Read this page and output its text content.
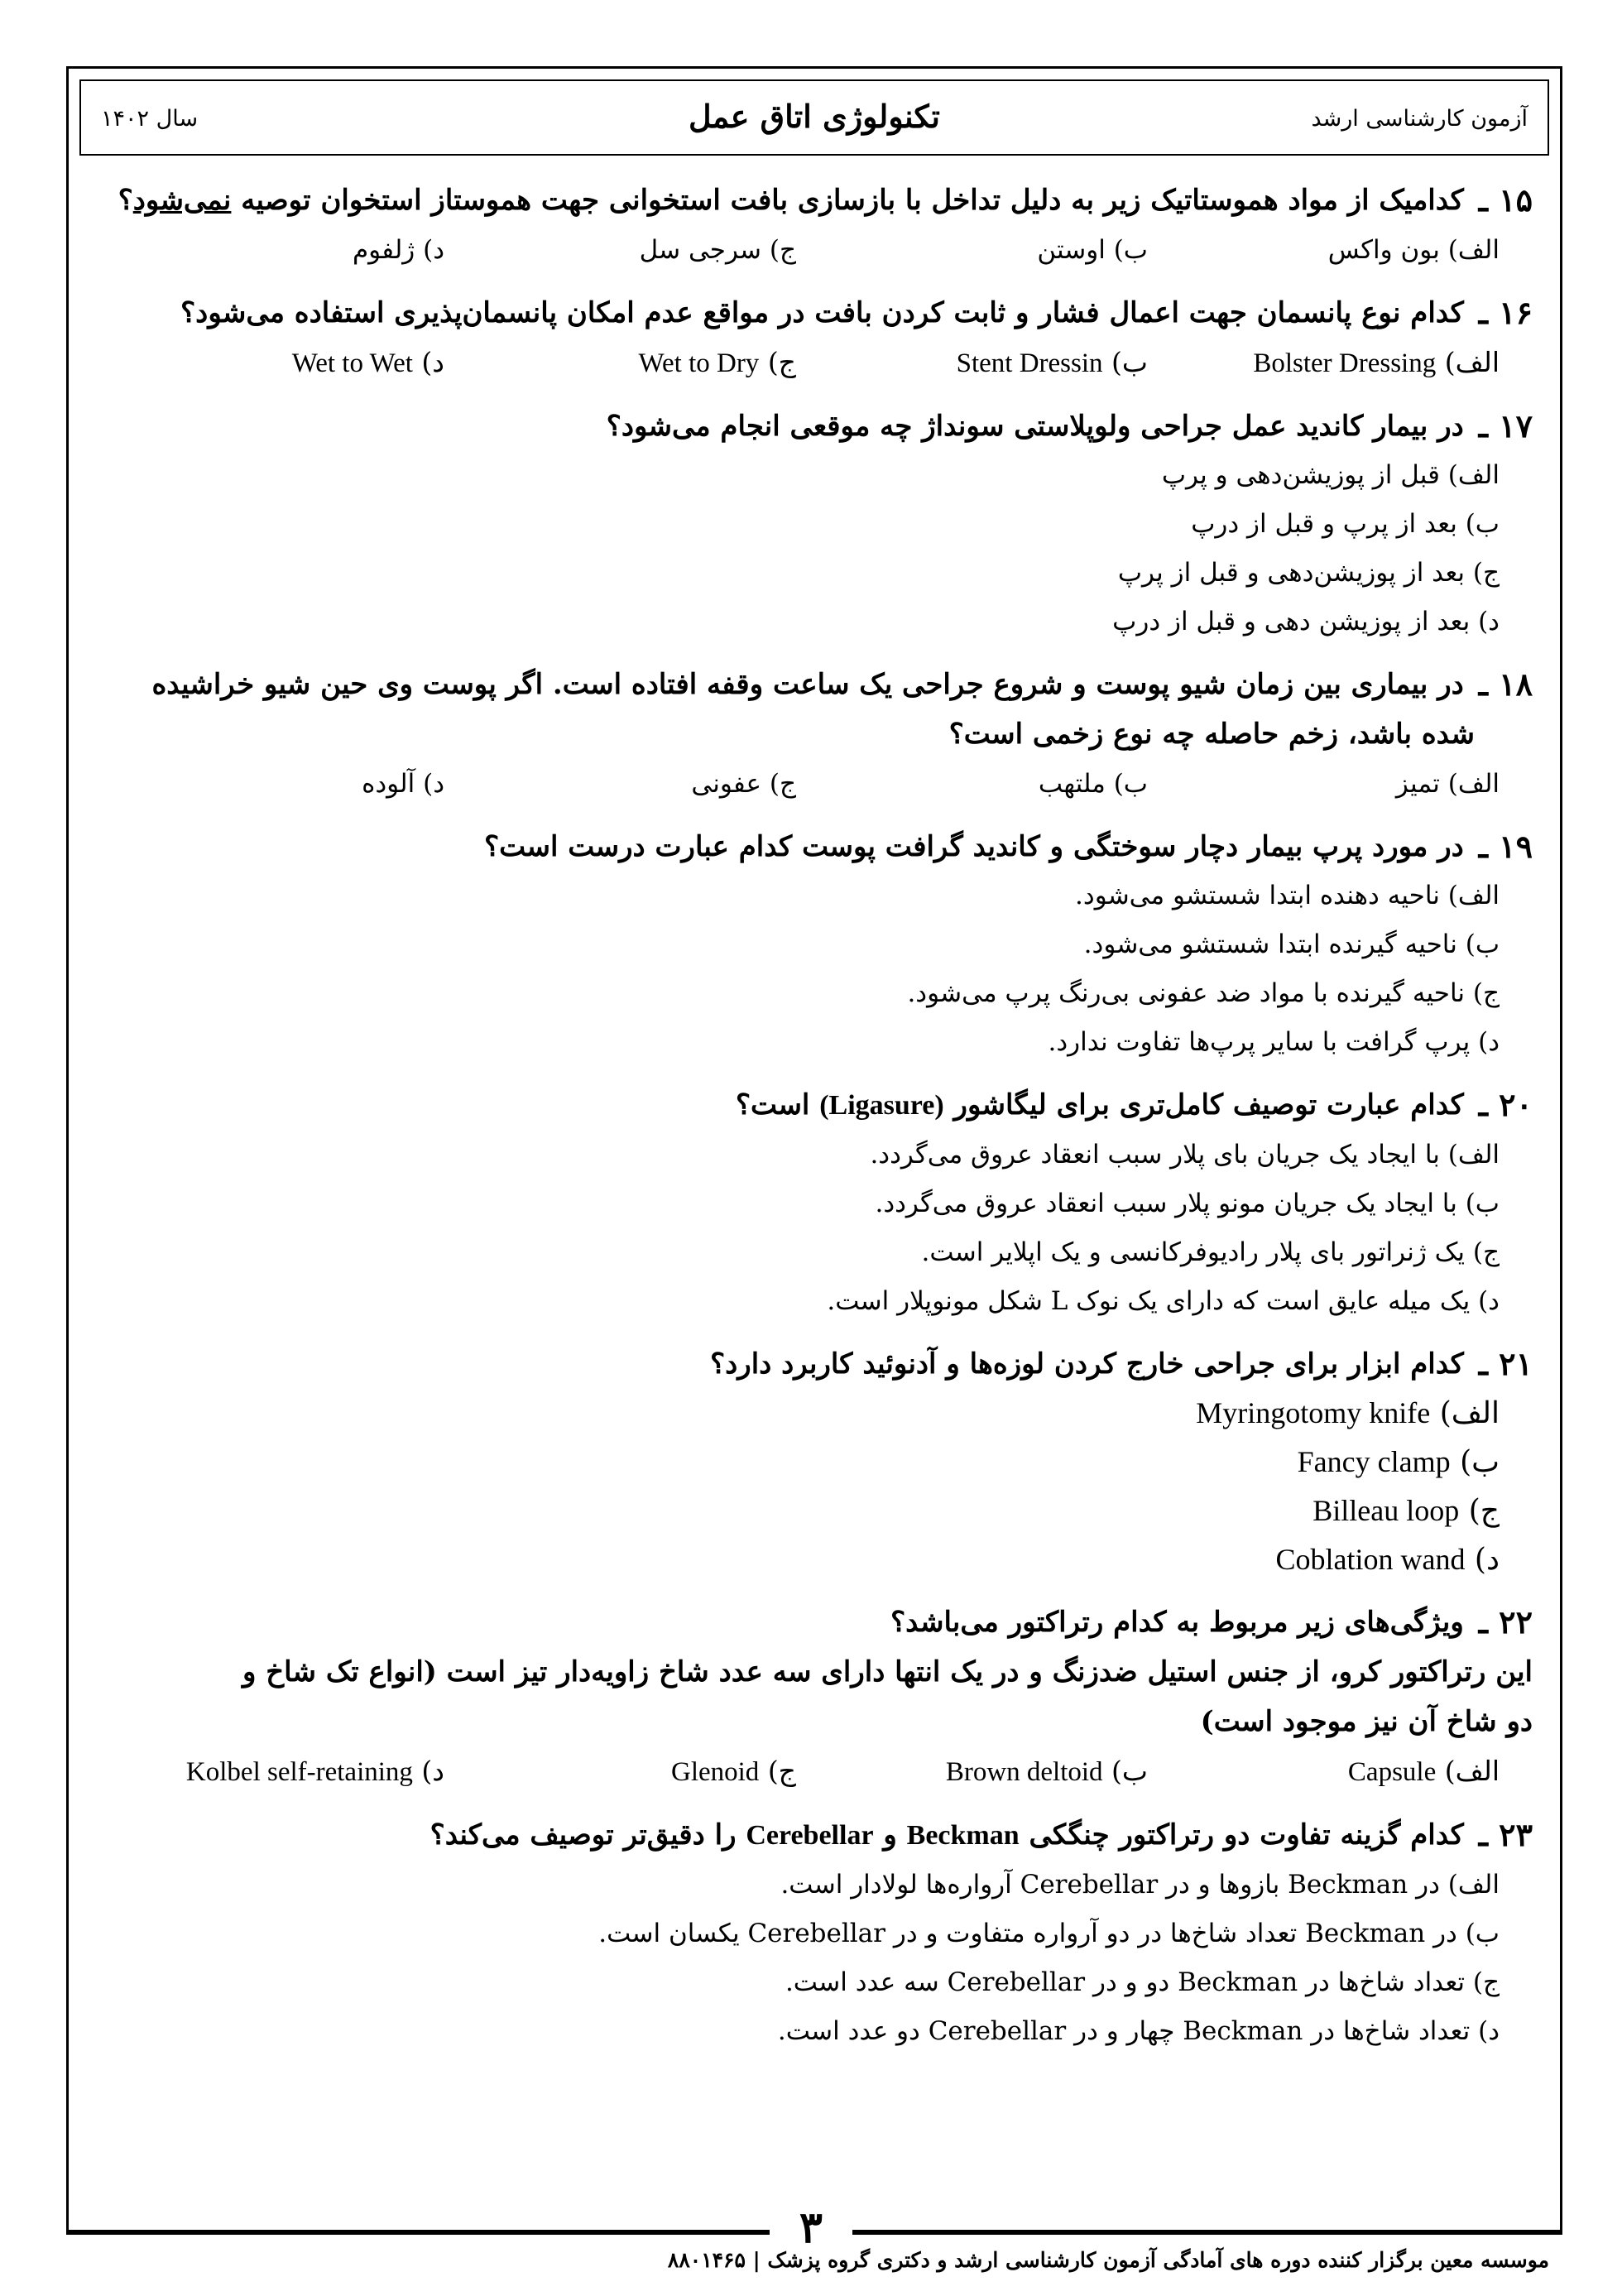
آزمون کارشناسی ارشد
تکنولوژی اتاق عمل
سال ۱۴۰۲
۱۵ ـ
کدامیک از مواد هموستاتیک زیر به دلیل تداخل با بازسازی بافت استخوانی جهت هموستاز استخوان توصیه نمی‌شود؟
الف) بون واکس
ب) اوستن
ج) سرجی سل
د) ژلفوم
۱۶ ـ
کدام نوع پانسمان جهت اعمال فشار و ثابت کردن بافت در مواقع عدم امکان پانسمان‌پذیری استفاده می‌شود؟
الف) Bolster Dressing
ب) Stent Dressin
ج) Wet to Dry
د) Wet to Wet
۱۷ ـ
در بیمار کاندید عمل جراحی ولوپلاستی سونداژ چه موقعی انجام می‌شود؟
الف) قبل از پوزیشن‌دهی و پرپ
ب) بعد از پرپ و قبل از درپ
ج) بعد از پوزیشن‌دهی و قبل از پرپ
د) بعد از پوزیشن دهی و قبل از درپ
۱۸ ـ
در بیماری بین زمان شیو پوست و شروع جراحی یک ساعت وقفه افتاده است. اگر پوست وی حین شیو خراشیده
شده باشد، زخم حاصله چه نوع زخمی است؟
الف) تمیز
ب) ملتهب
ج) عفونی
د) آلوده
۱۹ ـ
در مورد پرپ بیمار دچار سوختگی و کاندید گرافت پوست کدام عبارت درست است؟
الف) ناحیه دهنده ابتدا شستشو می‌شود.
ب) ناحیه گیرنده ابتدا شستشو می‌شود.
ج) ناحیه گیرنده با مواد ضد عفونی بی‌رنگ پرپ می‌شود.
د) پرپ گرافت با سایر پرپ‌ها تفاوت ندارد.
۲۰ ـ
کدام عبارت توصیف کامل‌تری برای لیگاشور (Ligasure) است؟
الف) با ایجاد یک جریان بای پلار سبب انعقاد عروق می‌گردد.
ب) با ایجاد یک جریان مونو پلار سبب انعقاد عروق می‌گردد.
ج) یک ژنراتور بای پلار رادیوفرکانسی و یک اپلایر است.
د) یک میله عایق است که دارای یک نوک L شکل مونوپلار است.
۲۱ ـ
کدام ابزار برای جراحی خارج کردن لوزه‌ها و آدنوئید کاربرد دارد؟
الف) Myringotomy knife
ب) Fancy clamp
ج) Billeau loop
د) Coblation wand
۲۲ ـ
ویژگی‌های زیر مربوط به کدام رتراکتور می‌باشد؟
این رتراکتور کرو، از جنس استیل ضدزنگ و در یک انتها دارای سه عدد شاخ زاویه‌دار تیز است (انواع تک شاخ و
دو شاخ آن نیز موجود است)
الف) Capsule
ب) Brown deltoid
ج) Glenoid
د) Kolbel self-retaining
۲۳ ـ
کدام گزینه تفاوت دو رتراکتور چنگکی Beckman و Cerebellar را دقیق‌تر توصیف می‌کند؟
الف) در Beckman بازوها و در Cerebellar آرواره‌ها لولادار است.
ب) در Beckman تعداد شاخ‌ها در دو آرواره متفاوت و در Cerebellar یکسان است.
ج) تعداد شاخ‌ها در Beckman دو و در Cerebellar سه عدد است.
د) تعداد شاخ‌ها در Beckman چهار و در Cerebellar دو عدد است.
۳
موسسه معین برگزار کننده دوره های آمادگی آزمون کارشناسی ارشد و دکتری گروه پزشک | ۸۸۰۱۴۶۵
